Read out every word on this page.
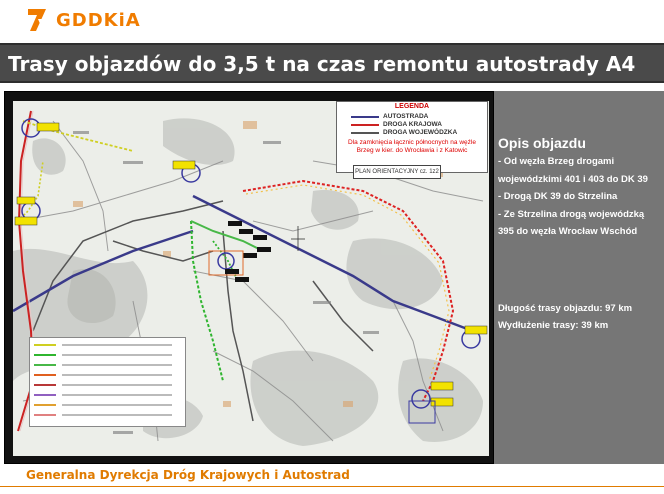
GDDKiA
Trasy objazdów do 3,5 t na czas remontu autostrady A4
LEGENDA
AUTOSTRADA
DROGA KRAJOWA
DROGA WOJEWÓDZKA
Dla zamknięcia łącznic północnych na węźle Brzeg w kier. do Wrocławia i z Katowic
PLAN ORIENTACYJNY cz. 1z2
Opis objazdu
- Od węzła Brzeg drogami wojewódzkimi 401 i 403 do DK 39
- Drogą DK 39 do Strzelina
- Ze Strzelina drogą wojewódzką 395 do węzła Wrocław Wschód
Długość trasy objazdu: 97 km
Wydłużenie trasy: 39 km
Generalna Dyrekcja Dróg Krajowych i Autostrad
